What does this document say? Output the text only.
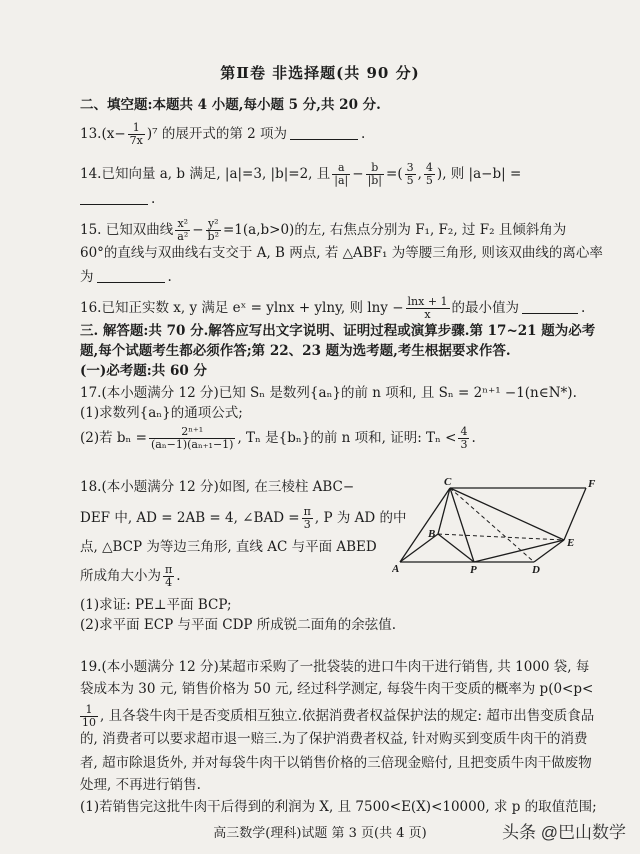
第Ⅱ卷 非选择题(共 90 分)
二、填空题:本题共 4 小题,每小题 5 分,共 20 分.
$13.(x- \frac{1}{7x} )^7$ 的展开式的第 2 项为	.
14.已知向量 a, b 满足, |a|=3, |b|=2, 且 $\frac{a}{|a|} - \frac{b}{|b|}$ =( $\frac{3}{5}$ , $\frac{4}{5}$ ), 则 |a−b| =
.
15. 已知双曲线 $\frac{\text{x²}}{\text{a²}} - \frac{\text{y²}}{\text{b²}} =1(a,b>0)$的左, 右焦点分别为 F₁, F₂, 过 F₂ 且倾斜角为
60°的直线与双曲线右支交于 A, B 两点, 若 △ABF₁ 为等腰三角形, 则该双曲线的离心率
为	.
16.已知正实数 x, y 满足 eˣ = ylnx + ylny, 则 $\ln y - \frac{\ln x + 1}{x}$ 的最小值为	.
三. 解答题:共 70 分.解答应写出文字说明、证明过程或演算步骤.第 17~21 题为必考
题,每个试题考生都必须作答;第 22、23 题为选考题,考生根据要求作答.
(一)必考题:共 60 分
17.(本小题满分 12 分)已知 Sₙ 是数列{aₙ}的前 n 项和, 且 Sₙ = 2ⁿ⁺¹ −1(n∈N*).
(1)求数列{aₙ}的通项公式;
(2)若 $b_n = \frac{\text{2ⁿ⁺¹}}{\text{(aₙ−1)(aₙ₊₁−1)}}$ , Tₙ 是{bₙ}的前 n 项和, 证明: $T_n < \frac{4}{3}$ .
18.(本小题满分 12 分)如图, 在三棱柱 ABC−
DEF 中, AD = 2AB = 4, ∠BAD = $\frac{\pi}{3}$ , P 为 AD 的中
点, △BCP 为等边三角形, 直线 AC 与平面 ABED
所成角大小为 $\frac{\pi}{4}$ .
(1)求证: PE⊥平面 BCP;
(2)求平面 ECP 与平面 CDP 所成锐二面角的余弦值.
C	F
B
E
A	P	D
19.(本小题满分 12 分)某超市采购了一批袋装的进口牛肉干进行销售, 共 1000 袋, 每
袋成本为 30 元, 销售价格为 50 元, 经过科学测定, 每袋牛肉干变质的概率为 p(0<p<
$\frac{1}{10}$ , 且各袋牛肉干是否变质相互独立.依据消费者权益保护法的规定: 超市出售变质食品
的, 消费者可以要求超市退一赔三.为了保护消费者权益, 针对购买到变质牛肉干的消费
者, 超市除退货外, 并对每袋牛肉干以销售价格的三倍现金赔付, 且把变质牛肉干做废物
处理, 不再进行销售.
(1)若销售完这批牛肉干后得到的利润为 X, 且 7500<E(X)<10000, 求 p 的取值范围;
高三数学(理科)试题 第 3 页(共 4 页)	头条 @巴山数学
